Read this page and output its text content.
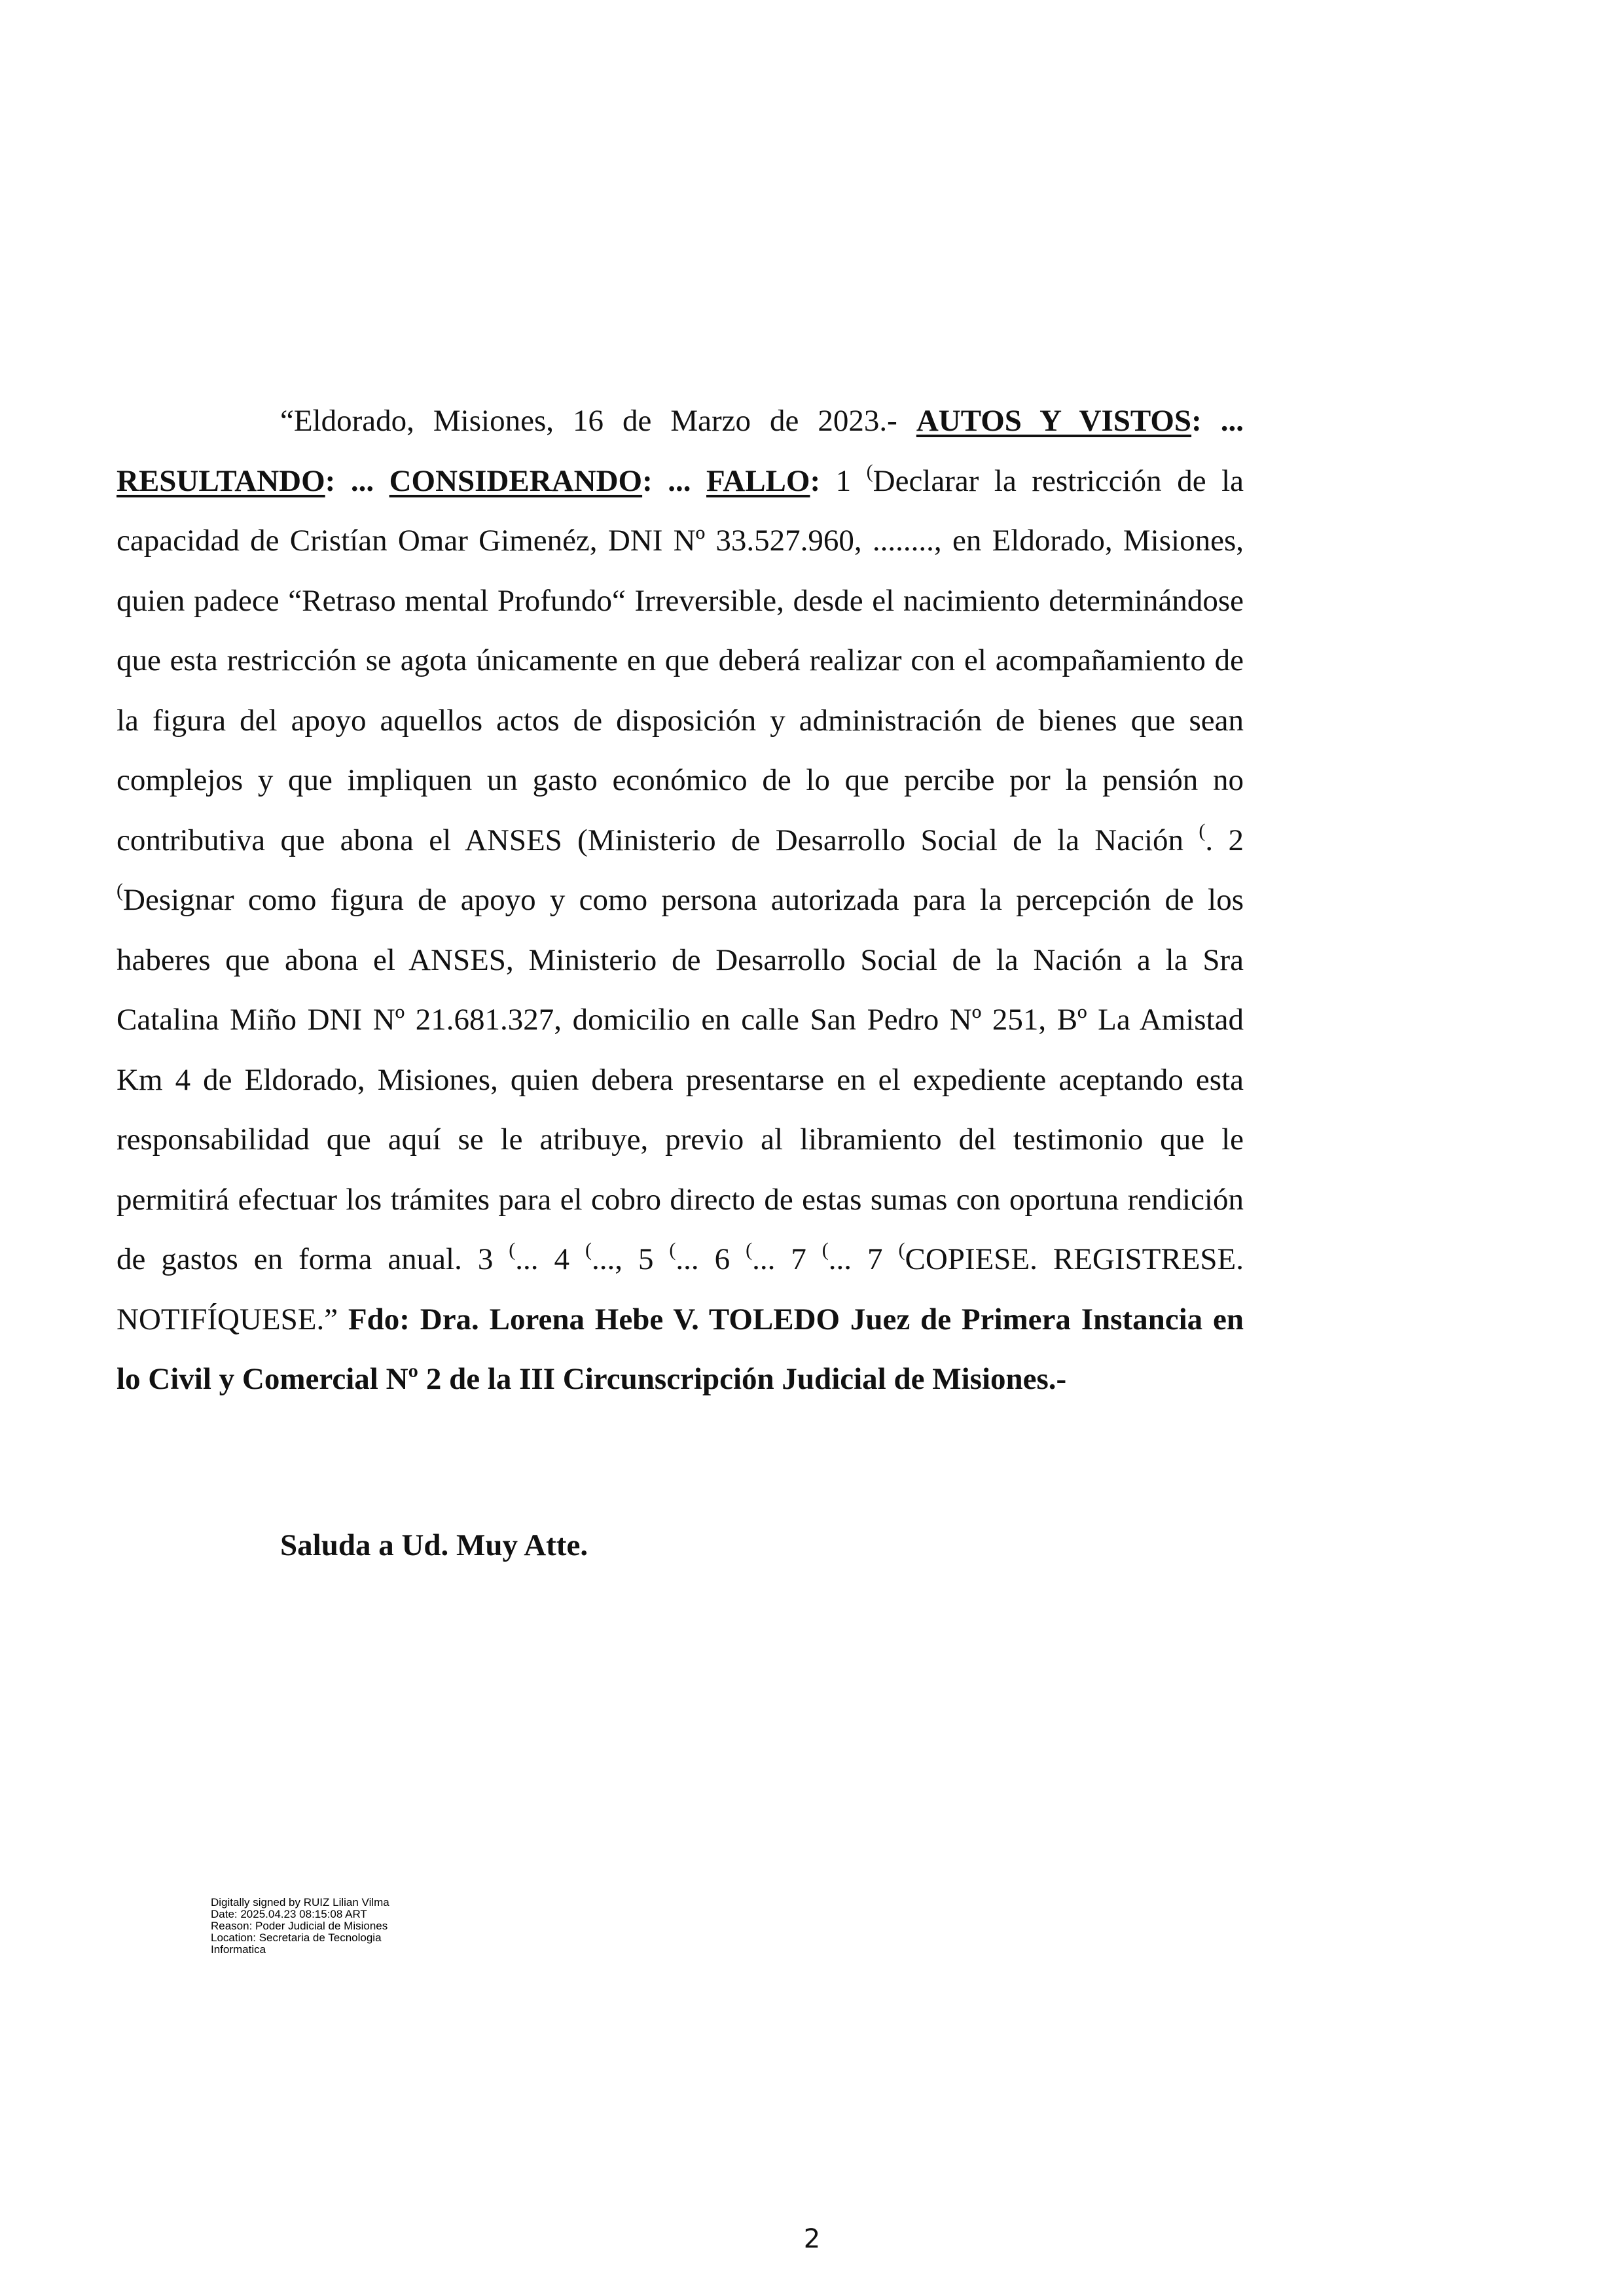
“Eldorado, Misiones, 16 de Marzo de 2023.- AUTOS Y VISTOS: ... RESULTANDO: ... CONSIDERANDO: ... FALLO: 1 (Declarar la restricción de la capacidad de Cristían Omar Gimenéz, DNI Nº 33.527.960, ........, en Eldorado, Misiones, quien padece “Retraso mental Profundo“ Irreversible, desde el nacimiento determinándose que esta restricción se agota únicamente en que deberá realizar con el acompañamiento de la figura del apoyo aquellos actos de disposición y administración de bienes que sean complejos y que impliquen un gasto económico de lo que percibe por la pensión no contributiva que abona el ANSES (Ministerio de Desarrollo Social de la Nación (. 2 (Designar como figura de apoyo y como persona autorizada para la percepción de los haberes que abona el ANSES, Ministerio de Desarrollo Social de la Nación a la Sra Catalina Miño DNI Nº 21.681.327, domicilio en calle San Pedro Nº 251, Bº La Amistad Km 4 de Eldorado, Misiones, quien debera presentarse en el expediente aceptando esta responsabilidad que aquí se le atribuye, previo al libramiento del testimonio que le permitirá efectuar los trámites para el cobro directo de estas sumas con oportuna rendición de gastos en forma anual. 3 (... 4 (..., 5 (... 6 (... 7 (... 7 (COPIESE. REGISTRESE. NOTIFÍQUESE.” Fdo: Dra. Lorena Hebe V. TOLEDO Juez de Primera Instancia en lo Civil y Comercial Nº 2 de la III Circunscripción Judicial de Misiones.-

Saluda a Ud. Muy Atte.

Digitally signed by RUIZ Lilian Vilma
Date: 2025.04.23 08:15:08 ART
Reason: Poder Judicial de Misiones
Location: Secretaria de Tecnologia
Informatica
2
